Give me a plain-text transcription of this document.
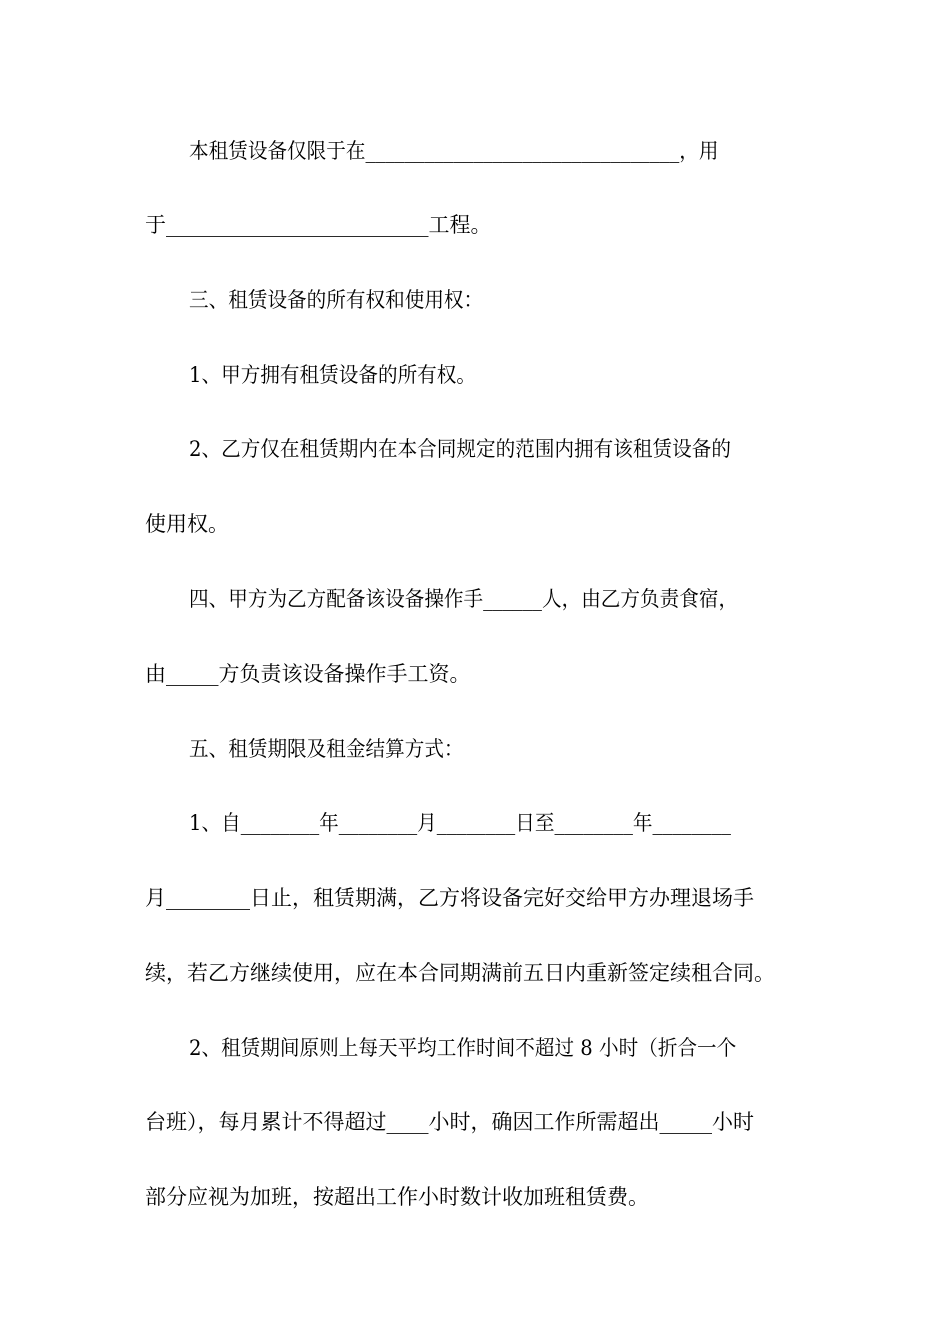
本租赁设备仅限于在________________________________，用
于_________________________工程。
三、租赁设备的所有权和使用权：
1、甲方拥有租赁设备的所有权。
2、乙方仅在租赁期内在本合同规定的范围内拥有该租赁设备的
使用权。
四、甲方为乙方配备该设备操作手______人，由乙方负责食宿，
由_____方负责该设备操作手工资。
五、租赁期限及租金结算方式：
1、自________年________月________日至________年________
月________日止，租赁期满，乙方将设备完好交给甲方办理退场手
续，若乙方继续使用，应在本合同期满前五日内重新签定续租合同。
2、租赁期间原则上每天平均工作时间不超过 8 小时（折合一个
台班），每月累计不得超过____小时，确因工作所需超出_____小时
部分应视为加班，按超出工作小时数计收加班租赁费。
